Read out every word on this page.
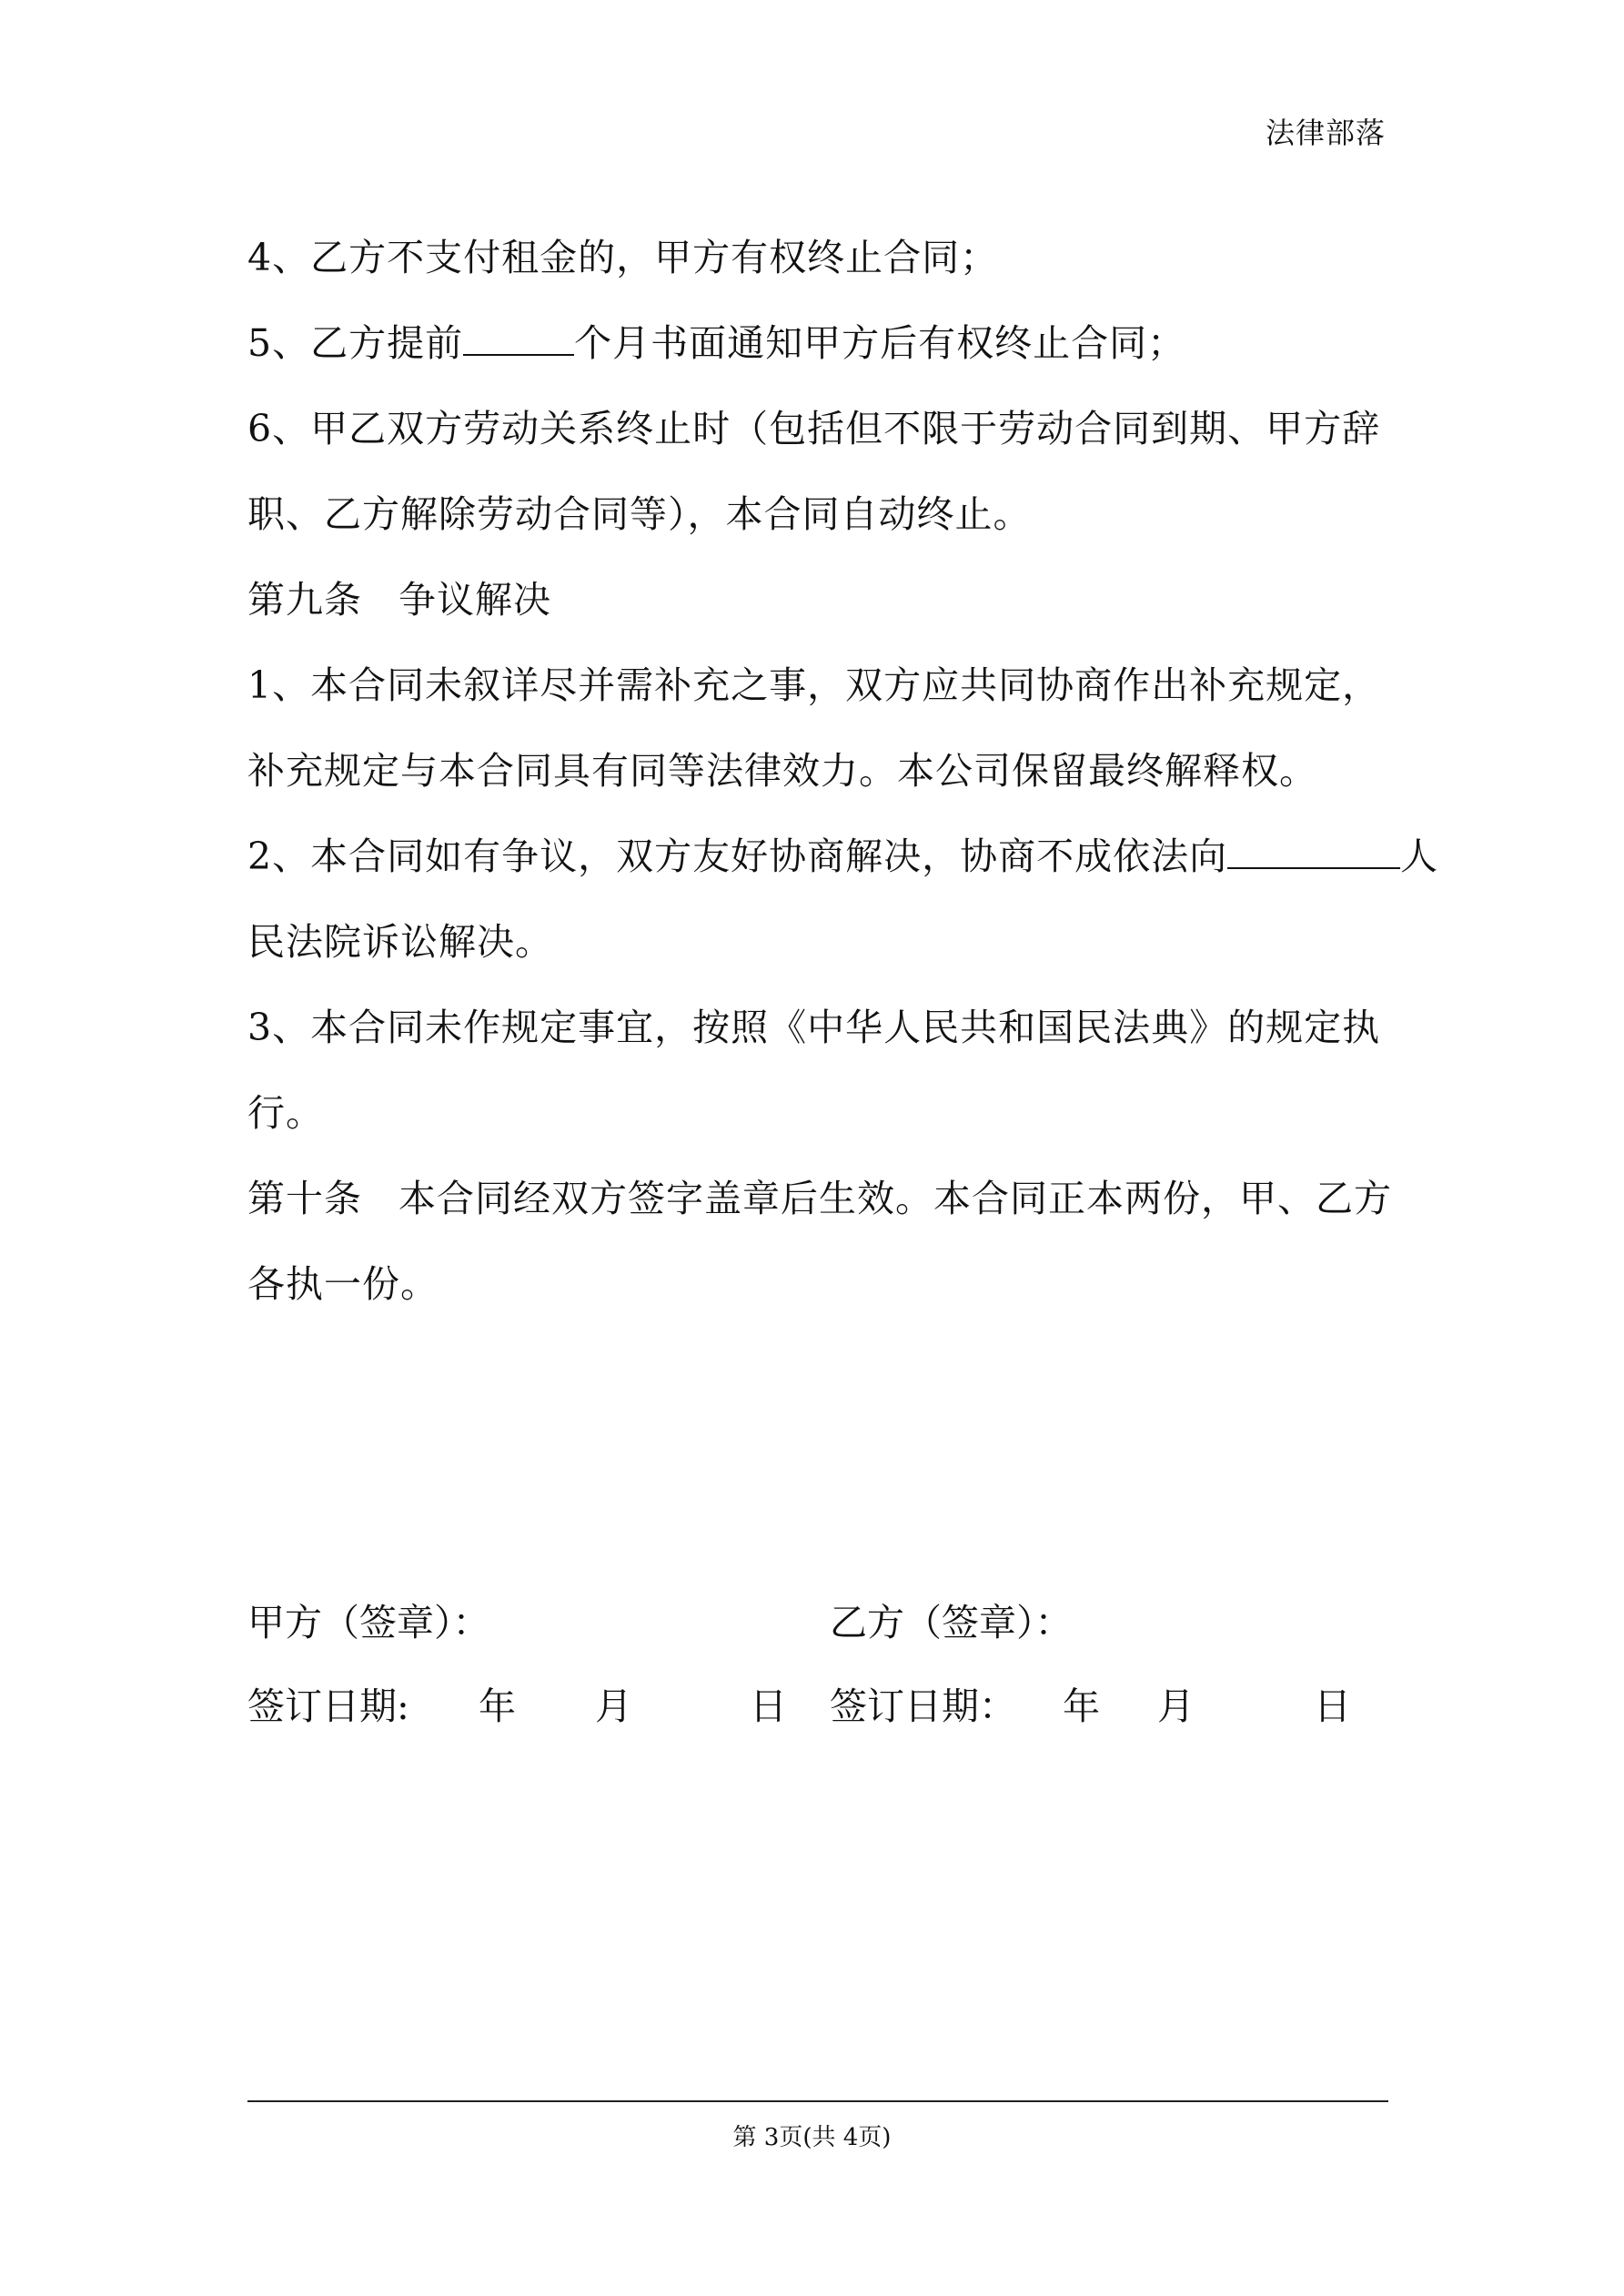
法律部落
4、乙方不支付租金的，甲方有权终止合同；
5、乙方提前	个月书面通知甲方后有权终止合同；
6、甲乙双方劳动关系终止时（包括但不限于劳动合同到期、甲方辞
职、乙方解除劳动合同等），本合同自动终止。
第九条 争议解决
1、本合同未叙详尽并需补充之事，双方应共同协商作出补充规定，
补充规定与本合同具有同等法律效力。本公司保留最终解释权。
2、本合同如有争议，双方友好协商解决，协商不成依法向	人
民法院诉讼解决。
3、本合同未作规定事宜，按照《中华人民共和国民法典》的规定执
行。
第十条 本合同经双方签字盖章后生效。本合同正本两份，甲、乙方
各执一份。
甲方（签章）：	乙方（签章）：
签订日期: 年 月	日 签订日期： 年 月	日
第 3页(共 4页)
